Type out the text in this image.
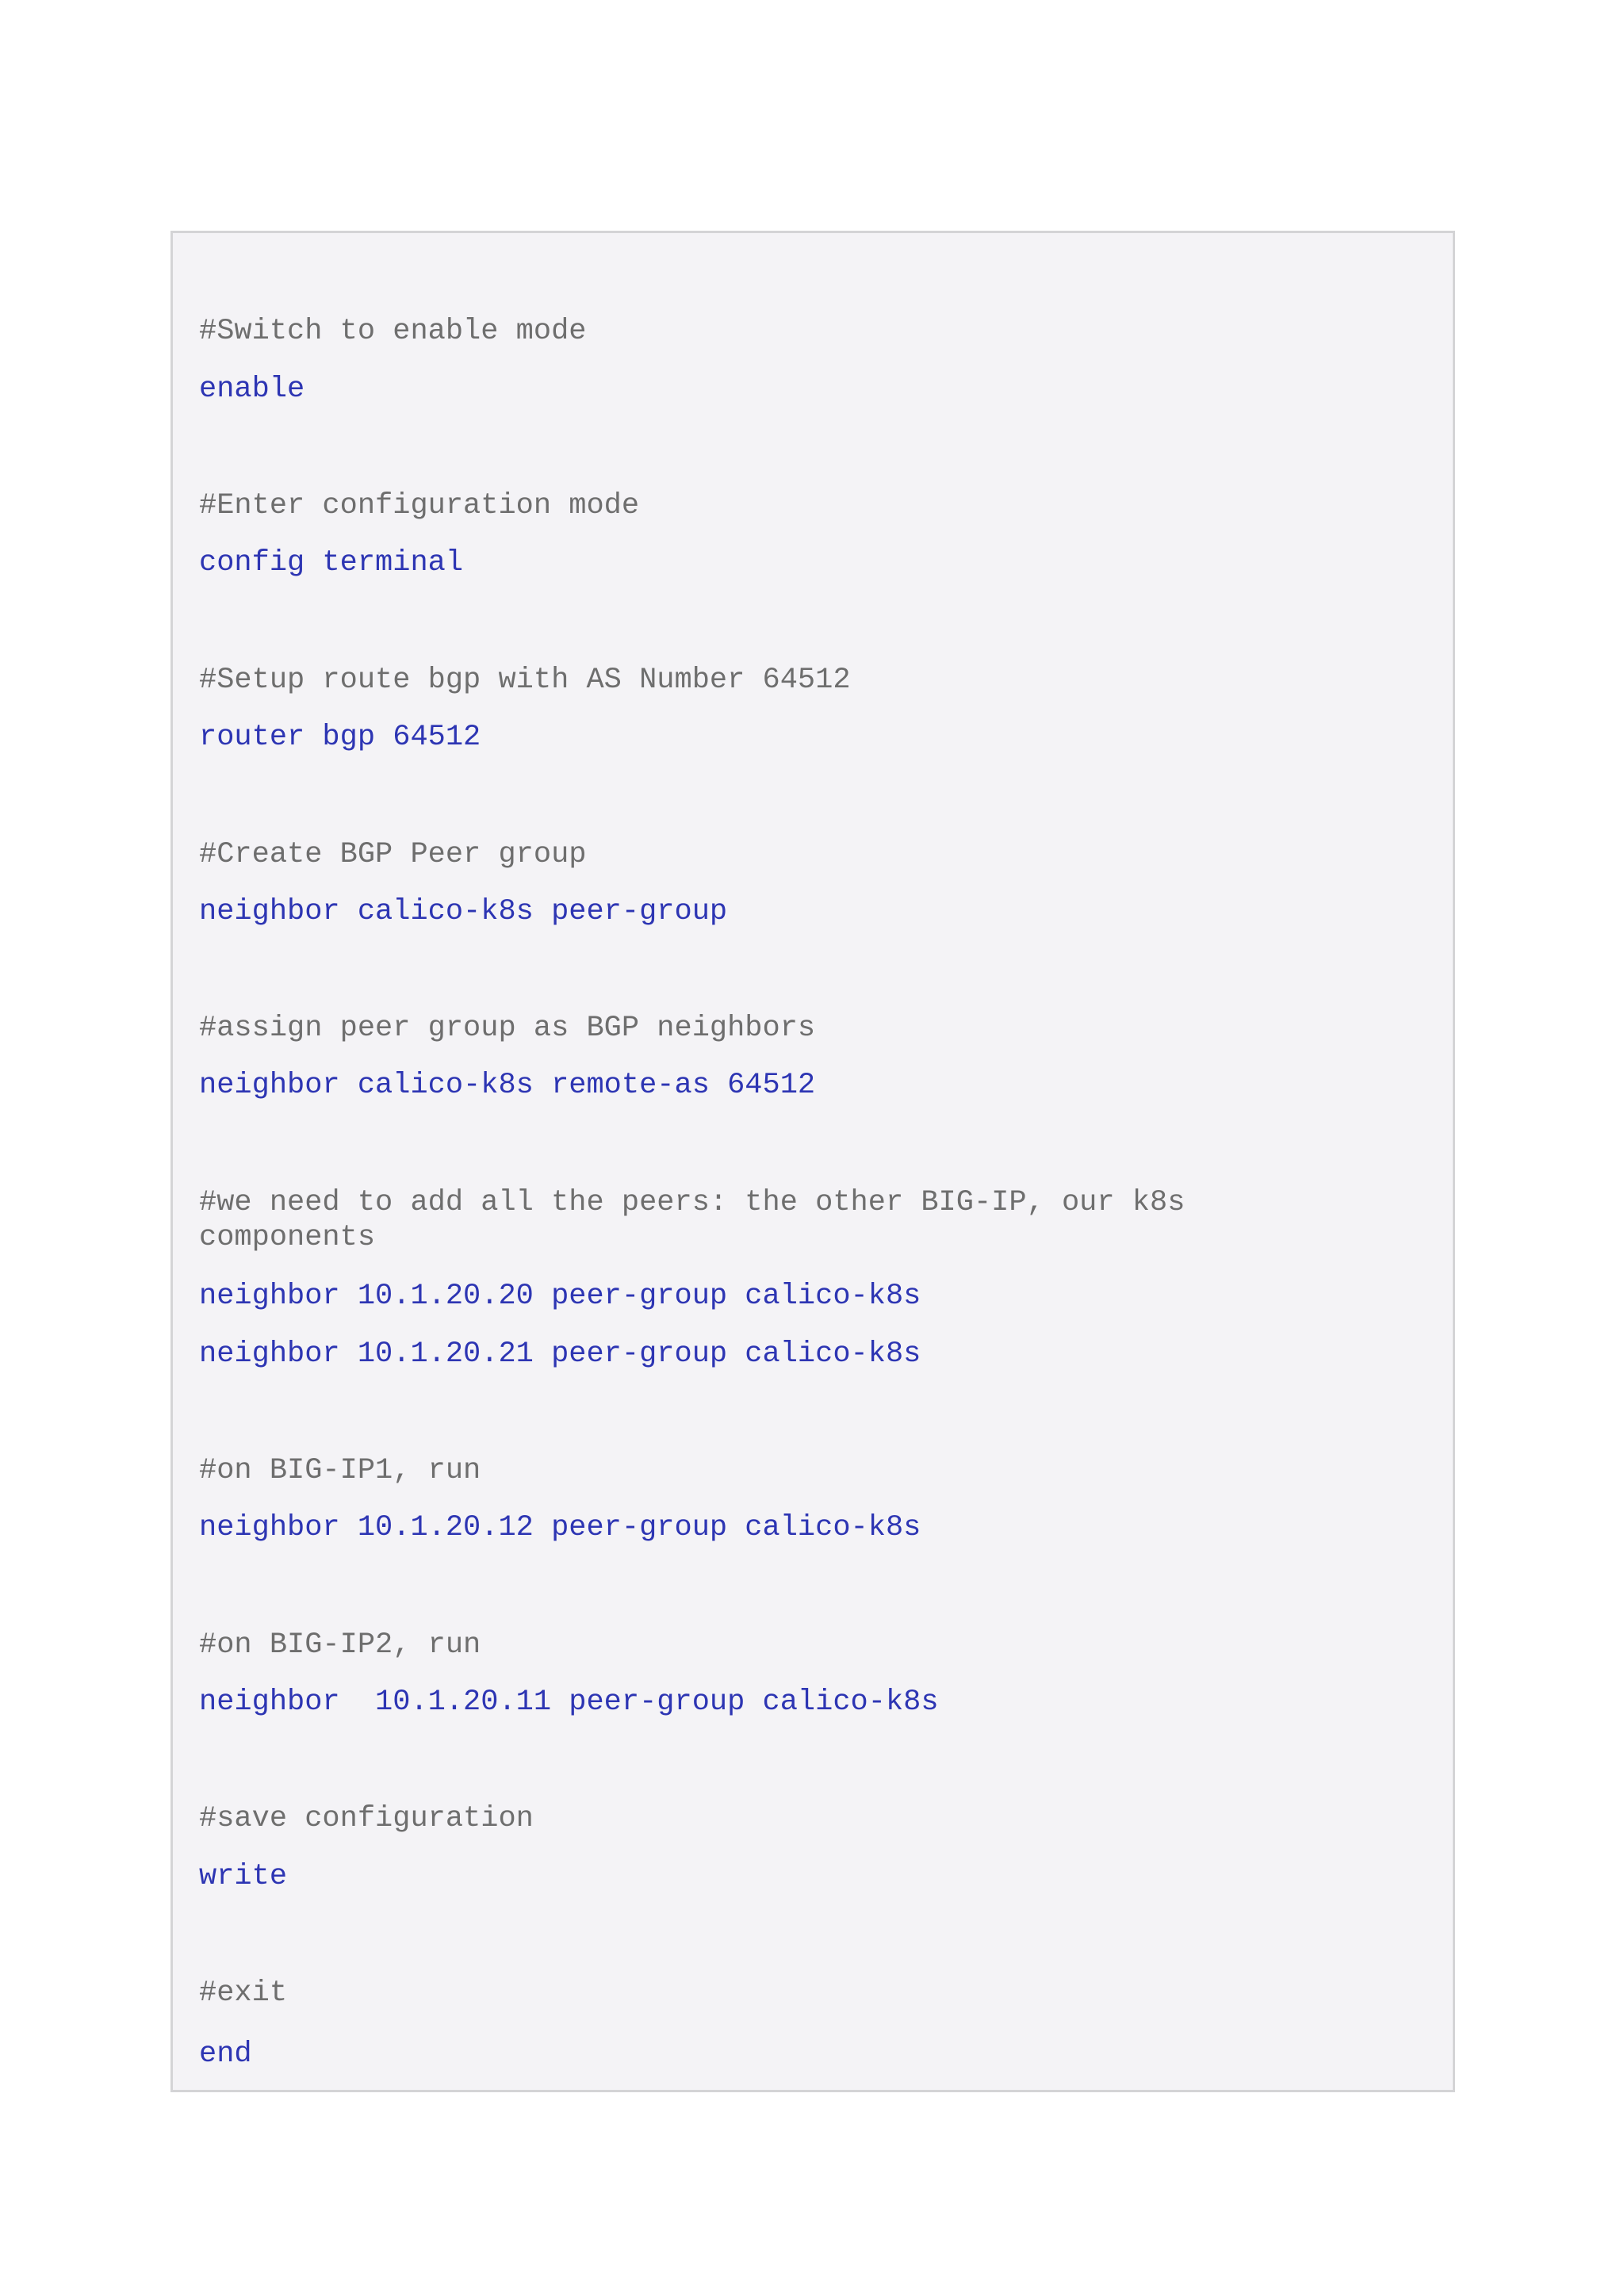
#Switch to enable mode

enable

#Enter configuration mode

config terminal

#Setup route bgp with AS Number 64512

router bgp 64512

#Create BGP Peer group

neighbor calico-k8s peer-group

#assign peer group as BGP neighbors

neighbor calico-k8s remote-as 64512

#we need to add all the peers: the other BIG-IP, our k8s components

neighbor 10.1.20.20 peer-group calico-k8s

neighbor 10.1.20.21 peer-group calico-k8s

#on BIG-IP1, run

neighbor 10.1.20.12 peer-group calico-k8s

#on BIG-IP2, run

neighbor  10.1.20.11 peer-group calico-k8s

#save configuration

write

#exit

end
